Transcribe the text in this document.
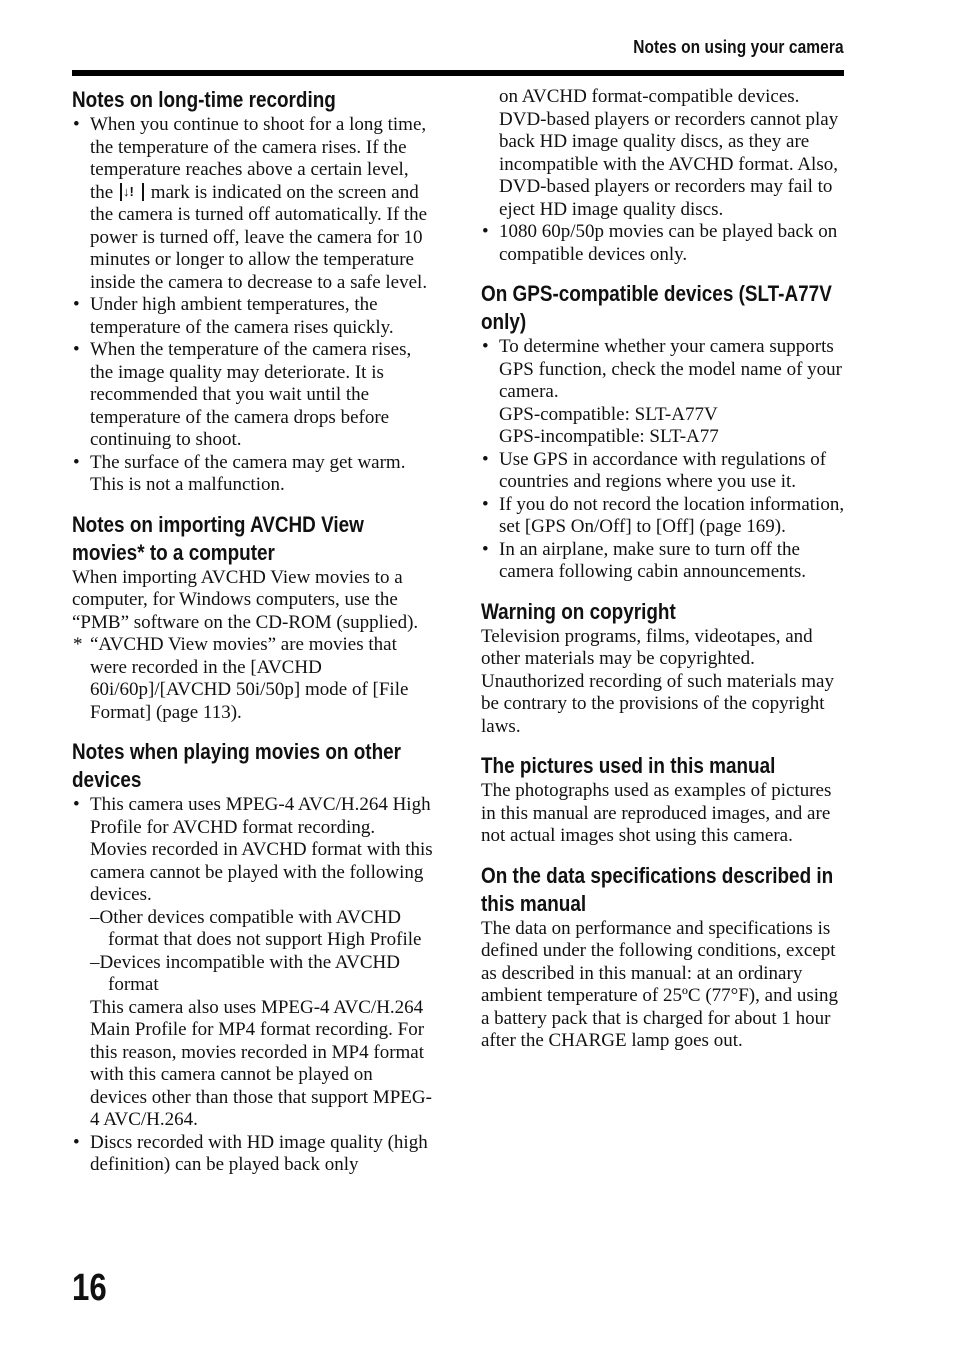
Notes on using your camera
Notes on long-time recording
• When you continue to shoot for a long time, the temperature of the camera rises. If the temperature reaches above a certain level, the ↓! mark is indicated on the screen and the camera is turned off automatically. If the power is turned off, leave the camera for 10 minutes or longer to allow the temperature inside the camera to decrease to a safe level.
• Under high ambient temperatures, the temperature of the camera rises quickly.
• When the temperature of the camera rises, the image quality may deteriorate. It is recommended that you wait until the temperature of the camera drops before continuing to shoot.
• The surface of the camera may get warm. This is not a malfunction.
Notes on importing AVCHD View movies* to a computer

When importing AVCHD View movies to a computer, for Windows computers, use the “PMB” software on the CD-ROM (supplied).

* “AVCHD View movies” are movies that were recorded in the [AVCHD 60i/60p]/[AVCHD 50i/50p] mode of [File Format] (page 113).
Notes when playing movies on other devices
• This camera uses MPEG-4 AVC/H.264 High Profile for AVCHD format recording. Movies recorded in AVCHD format with this camera cannot be played with the following devices.
–Other devices compatible with AVCHD format that does not support High Profile
–Devices incompatible with the AVCHD format
This camera also uses MPEG-4 AVC/H.264 Main Profile for MP4 format recording. For this reason, movies recorded in MP4 format with this camera cannot be played on devices other than those that support MPEG-4 AVC/H.264.
• Discs recorded with HD image quality (high definition) can be played back only
on AVCHD format-compatible devices. DVD-based players or recorders cannot play back HD image quality discs, as they are incompatible with the AVCHD format. Also, DVD-based players or recorders may fail to eject HD image quality discs.
• 1080 60p/50p movies can be played back on compatible devices only.
On GPS-compatible devices (SLT-A77V only)
• To determine whether your camera supports GPS function, check the model name of your camera.
GPS-compatible: SLT-A77V
GPS-incompatible: SLT-A77
• Use GPS in accordance with regulations of countries and regions where you use it.
• If you do not record the location information, set [GPS On/Off] to [Off] (page 169).
• In an airplane, make sure to turn off the camera following cabin announcements.
Warning on copyright

Television programs, films, videotapes, and other materials may be copyrighted. Unauthorized recording of such materials may be contrary to the provisions of the copyright laws.

The pictures used in this manual

The photographs used as examples of pictures in this manual are reproduced images, and are not actual images shot using this camera.

On the data specifications described in this manual

The data on performance and specifications is defined under the following conditions, except as described in this manual: at an ordinary ambient temperature of 25ºC (77°F), and using a battery pack that is charged for about 1 hour after the CHARGE lamp goes out.

16
